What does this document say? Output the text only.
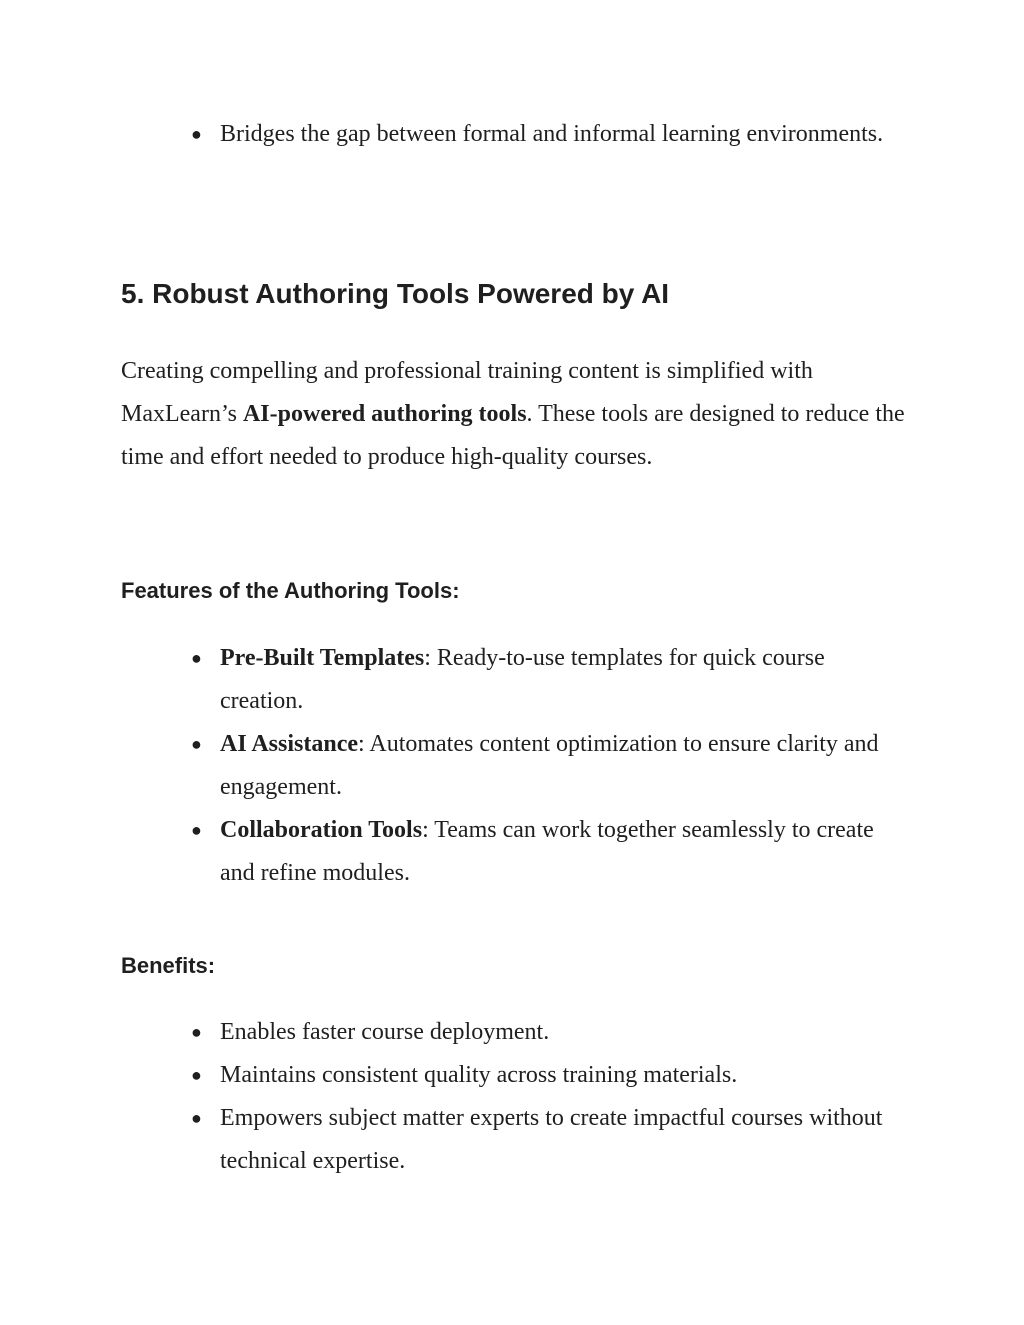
● Bridges the gap between formal and informal learning environments.
5. Robust Authoring Tools Powered by AI

Creating compelling and professional training content is simplified with MaxLearn’s AI-powered authoring tools. These tools are designed to reduce the time and effort needed to produce high-quality courses.

Features of the Authoring Tools:
● Pre-Built Templates: Ready-to-use templates for quick course creation.
● AI Assistance: Automates content optimization to ensure clarity and engagement.
● Collaboration Tools: Teams can work together seamlessly to create and refine modules.
Benefits:
● Enables faster course deployment.
● Maintains consistent quality across training materials.
● Empowers subject matter experts to create impactful courses without technical expertise.
